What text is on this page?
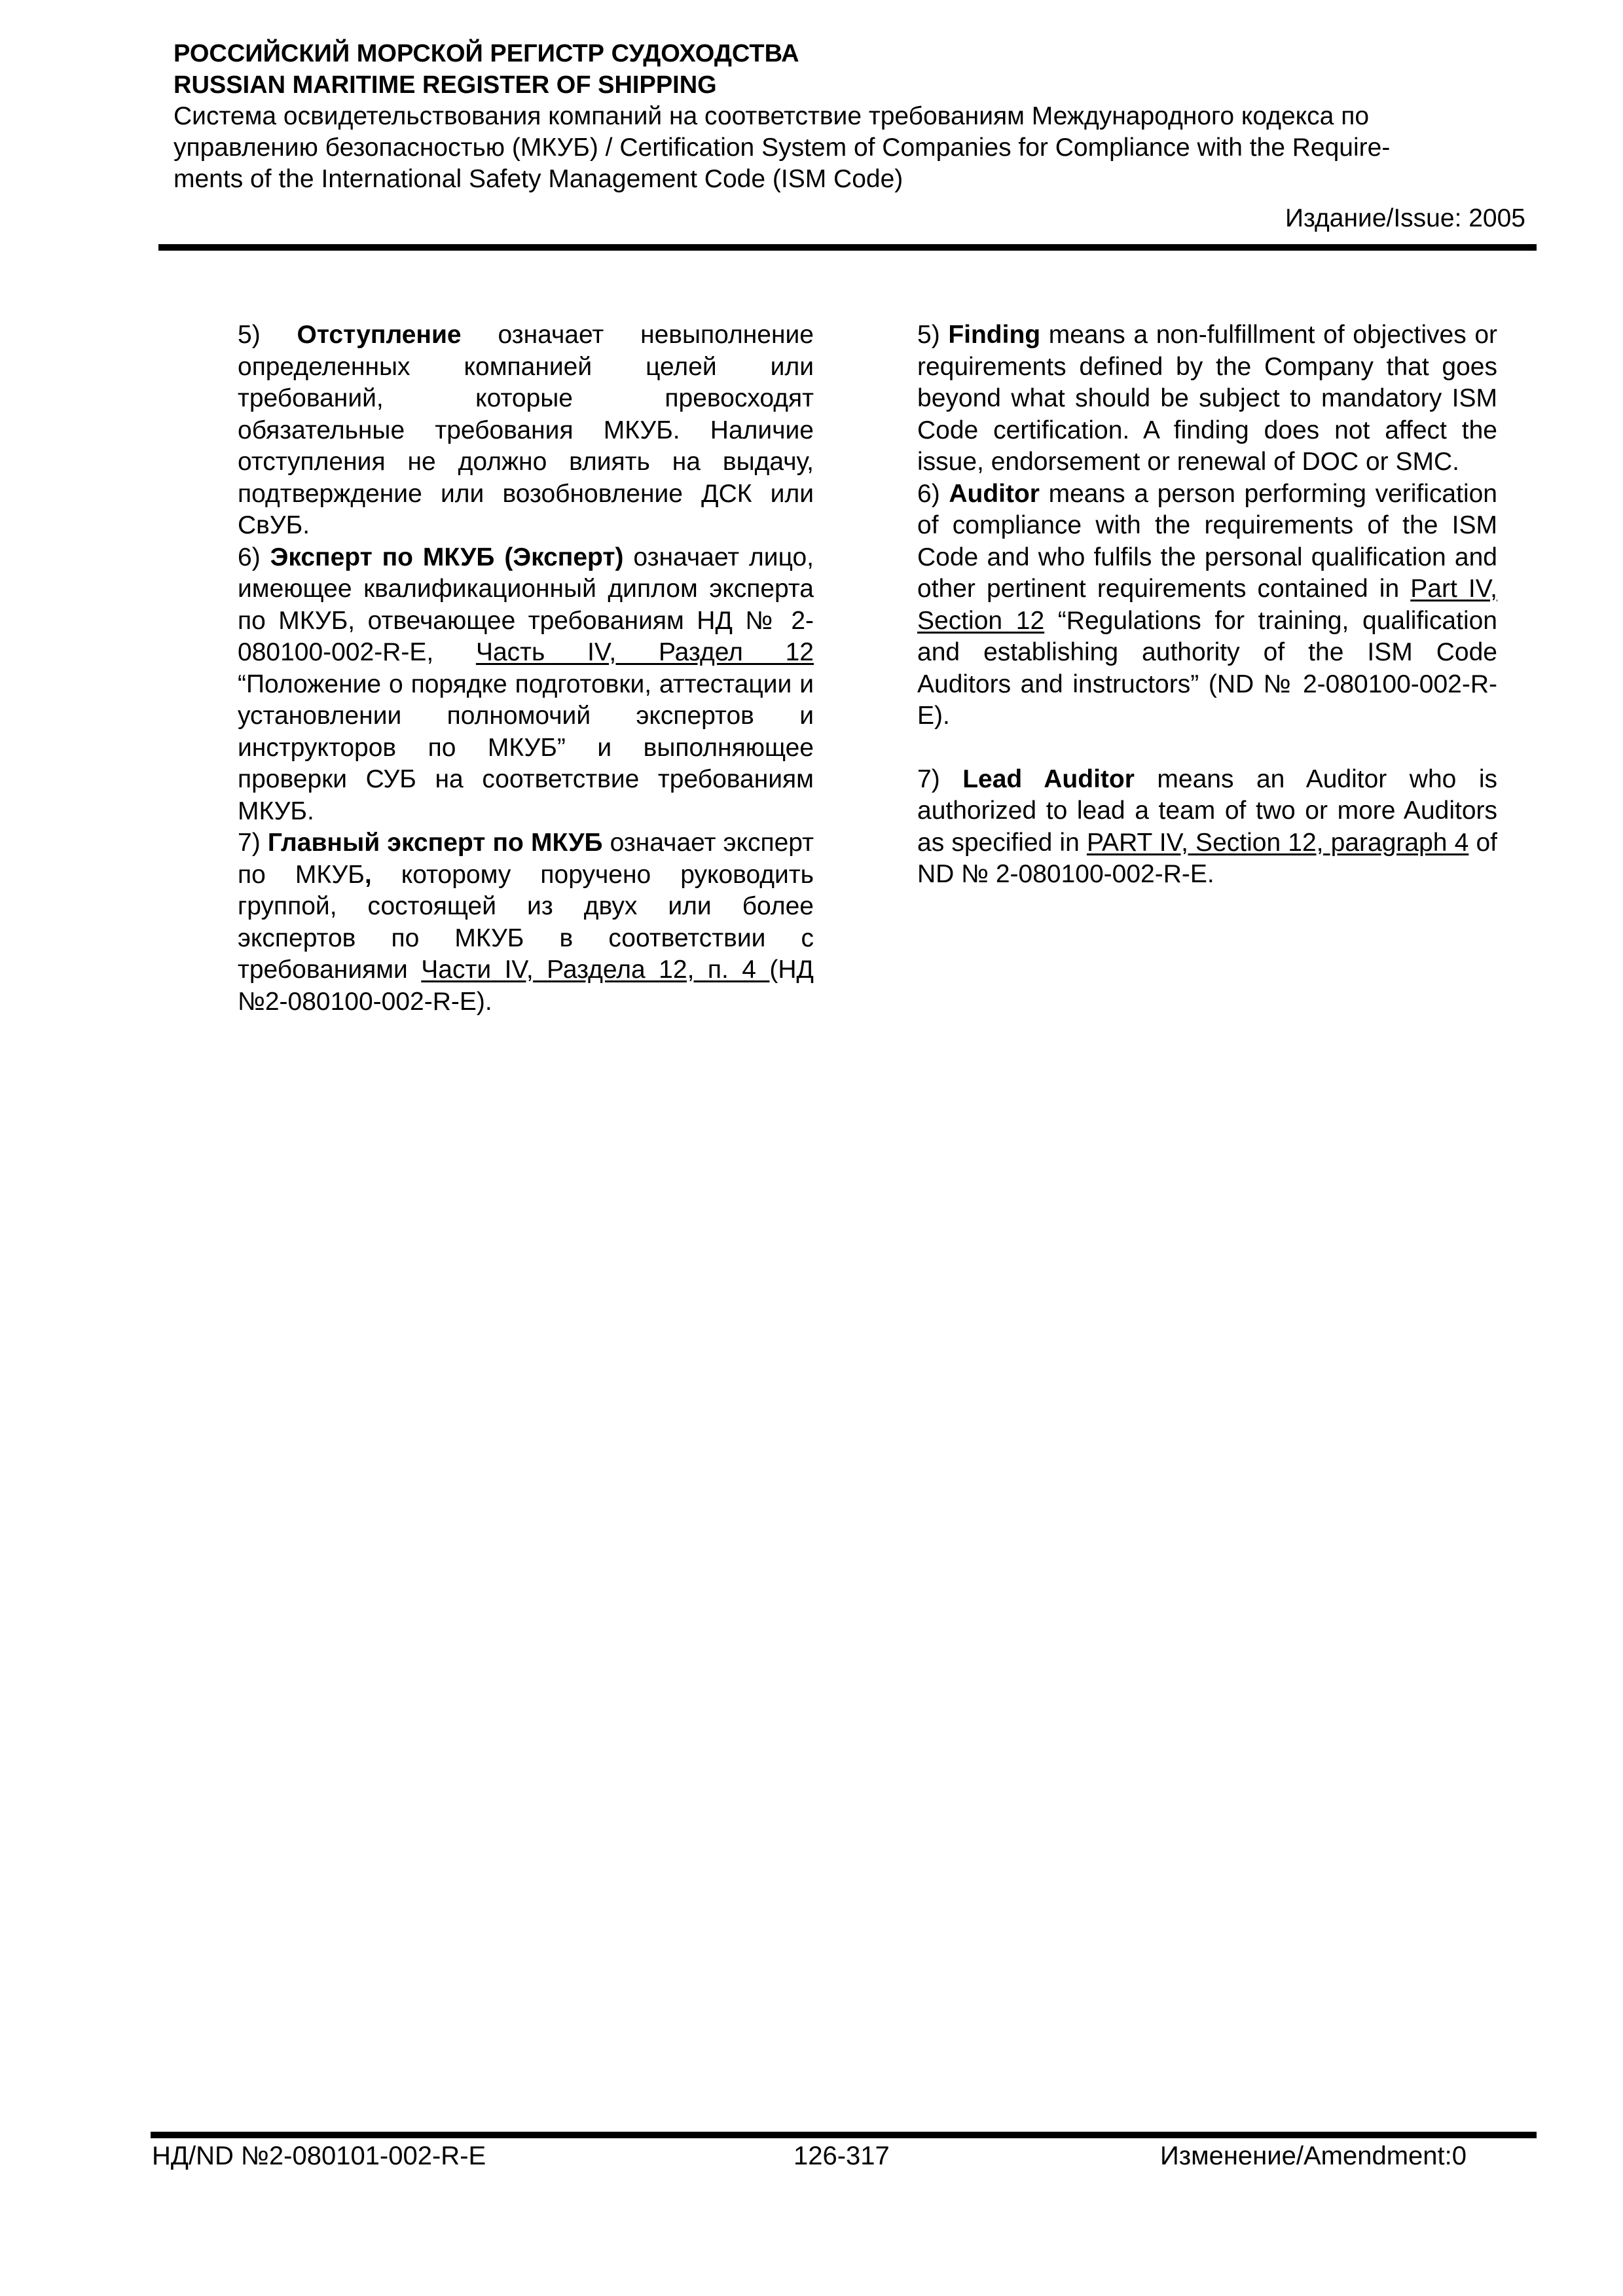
РОССИЙСКИЙ МОРСКОЙ РЕГИСТР СУДОХОДСТВА

RUSSIAN MARITIME REGISTER OF SHIPPING

Система освидетельствования компаний на соответствие требованиям Международного кодекса по

управлению безопасностью (МКУБ) / Certification System of Companies for Compliance with the Require-

ments of the International Safety Management Code (ISM Code)

Издание/Issue: 2005

5) Отступление означает невыполнение определенных компанией целей или требований, которые превосходят обязательные требования МКУБ. Наличие отступления не должно влиять на выдачу, подтверждение или возобновление ДСК или СвУБ.

6) Эксперт по МКУБ (Эксперт) означает лицо, имеющее квалификационный диплом эксперта по МКУБ, отвечающее требованиям НД № 2-080100-002-R-E, Часть IV, Раздел 12 “Положение о порядке подготовки, аттестации и установлении полномочий экспертов и инструкторов по МКУБ” и выполняющее проверки СУБ на соответствие требованиям МКУБ.

7) Главный эксперт по МКУБ означает эксперт по МКУБ, которому поручено руководить группой, состоящей из двух или более экспертов по МКУБ в соответствии с требованиями Части IV, Раздела 12, п. 4 (НД №2-080100-002-R-E).

5) Finding means a non-fulfillment of objectives or requirements defined by the Company that goes beyond what should be subject to mandatory ISM Code certification. A finding does not affect the issue, endorsement or renewal of DOC or SMC.

6) Auditor means a person performing verification of compliance with the requirements of the ISM Code and who fulfils the personal qualification and other pertinent requirements contained in Part IV, Section 12 “Regulations for training, qualification and establishing authority of the ISM Code Auditors and instructors” (ND № 2-080100-002-R-E).

7) Lead Auditor means an Auditor who is authorized to lead a team of two or more Auditors as specified in PART IV, Section 12, paragraph 4 of ND № 2-080100-002-R-E.

НД/ND №2-080101-002-R-E	126-317	Изменение/Amendment:0
